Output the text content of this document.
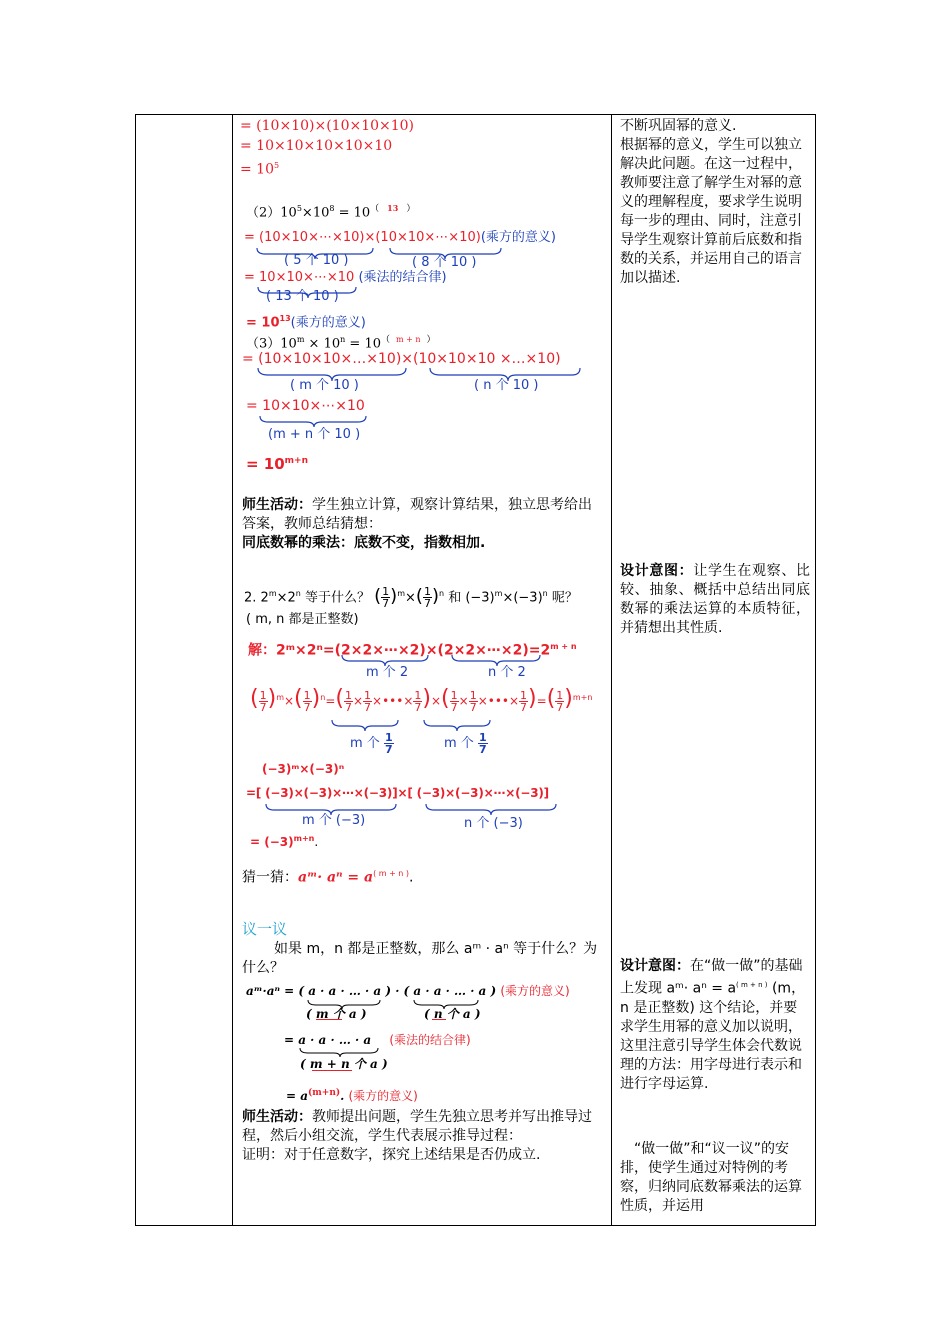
= (10×10)×(10×10×10)
= 10×10×10×10×10
= $10^5$
$(2)10^5\times 10^8 = 10^($ $^{13}$ ）
= (10×10×⋯×10)×(10×10×⋯×10)(乘方的意义)
( 5 个 10 )	( 8 个 10 )
= 10×10×⋯×10 (乘法的结合律)
( 13 个 10 )
= $10^{13}$(乘方的意义)
$(3)10^m \times 10^n = 10^($ $^{m + n}$ ）
= (10×10×10×…×10)×(10×10×10 ×…×10)
( m 个 10 )	( n 个 10 )
= 10×10×⋯×10
(m + n 个 10 )
= $10^{m+n}$

师生活动：学生独立计算，观察计算结果，独立思考给出答案，教师总结猜想：

同底数幂的乘法：底数不变，指数相加.

2. $2^m\times 2^n$ 等于什么？ ( $\frac{1}{7} )^m\times( \frac{1}{7} )^n$ 和 $(-3)^m\times(-3)^n$ 呢？
( m, n 都是正整数)
解：$2ᵐ\times 2^n=(2\times 2\times\cdots\times 2)\times(2\times 2\times\cdots\times 2)=2^{m + n}$
m 个 2	n 个 2
( $\frac{1}{7} )^m\times( \frac{1}{7} )^n=( \frac{1}{7} \times \frac{1}{7}$ ×•••× $\frac{1}{7}$ )×( $\frac{1}{7} \times \frac{1}{7}$ ×•••× $\frac{1}{7}$ )=( $\frac{1}{7} )^{m+n}$
m 个 $\frac{1}{7}$	m 个 $\frac{1}{7}$
(−3)ᵐ×(−3)ⁿ
=[ (−3)×(−3)×⋯×(−3)]×[ (−3)×(−3)×⋯×(−3)]
m 个 (−3)	n 个 (−3)
= $(-3)^{m+n}$.
猜一猜：aᵐ· $a^n = a^{( m + n )}$.
议一议
如果 m，n 都是正整数，那么 aᵐ · aⁿ 等于什么？为什么？
aᵐ·aⁿ = ( a · a · … · a ) · ( a · a · … · a ) (乘方的意义)
( m 个 a )	( n 个 a )
= a · a · … · a (乘法的结合律)
( m + n 个 a )
= $a^{(m+n)}$. (乘方的意义)

师生活动：教师提出问题，学生先独立思考并写出推导过程，然后小组交流，学生代表展示推导过程：

证明：对于任意数字，探究上述结果是否仍成立.

不断巩固幂的意义.

根据幂的意义，学生可以独立解决此问题。在这一过程中，教师要注意了解学生对幂的意义的理解程度，要求学生说明每一步的理由、同时，注意引导学生观察计算前后底数和指数的关系，并运用自己的语言加以描述.

设计意图：让学生在观察、比较、抽象、概括中总结出同底数幂的乘法运算的本质特征，并猜想出其性质.

设计意图：在“做一做”的基础上发现 aᵐ· $a^n = a^{( m + n )}$ (m，n 是正整数) 这个结论，并要求学生用幂的意义加以说明，这里注意引导学生体会代数说理的方法：用字母进行表示和进行字母运算.

“做一做”和“议一议”的安排，使学生通过对特例的考察，归纳同底数幂乘法的运算性质，并运用
